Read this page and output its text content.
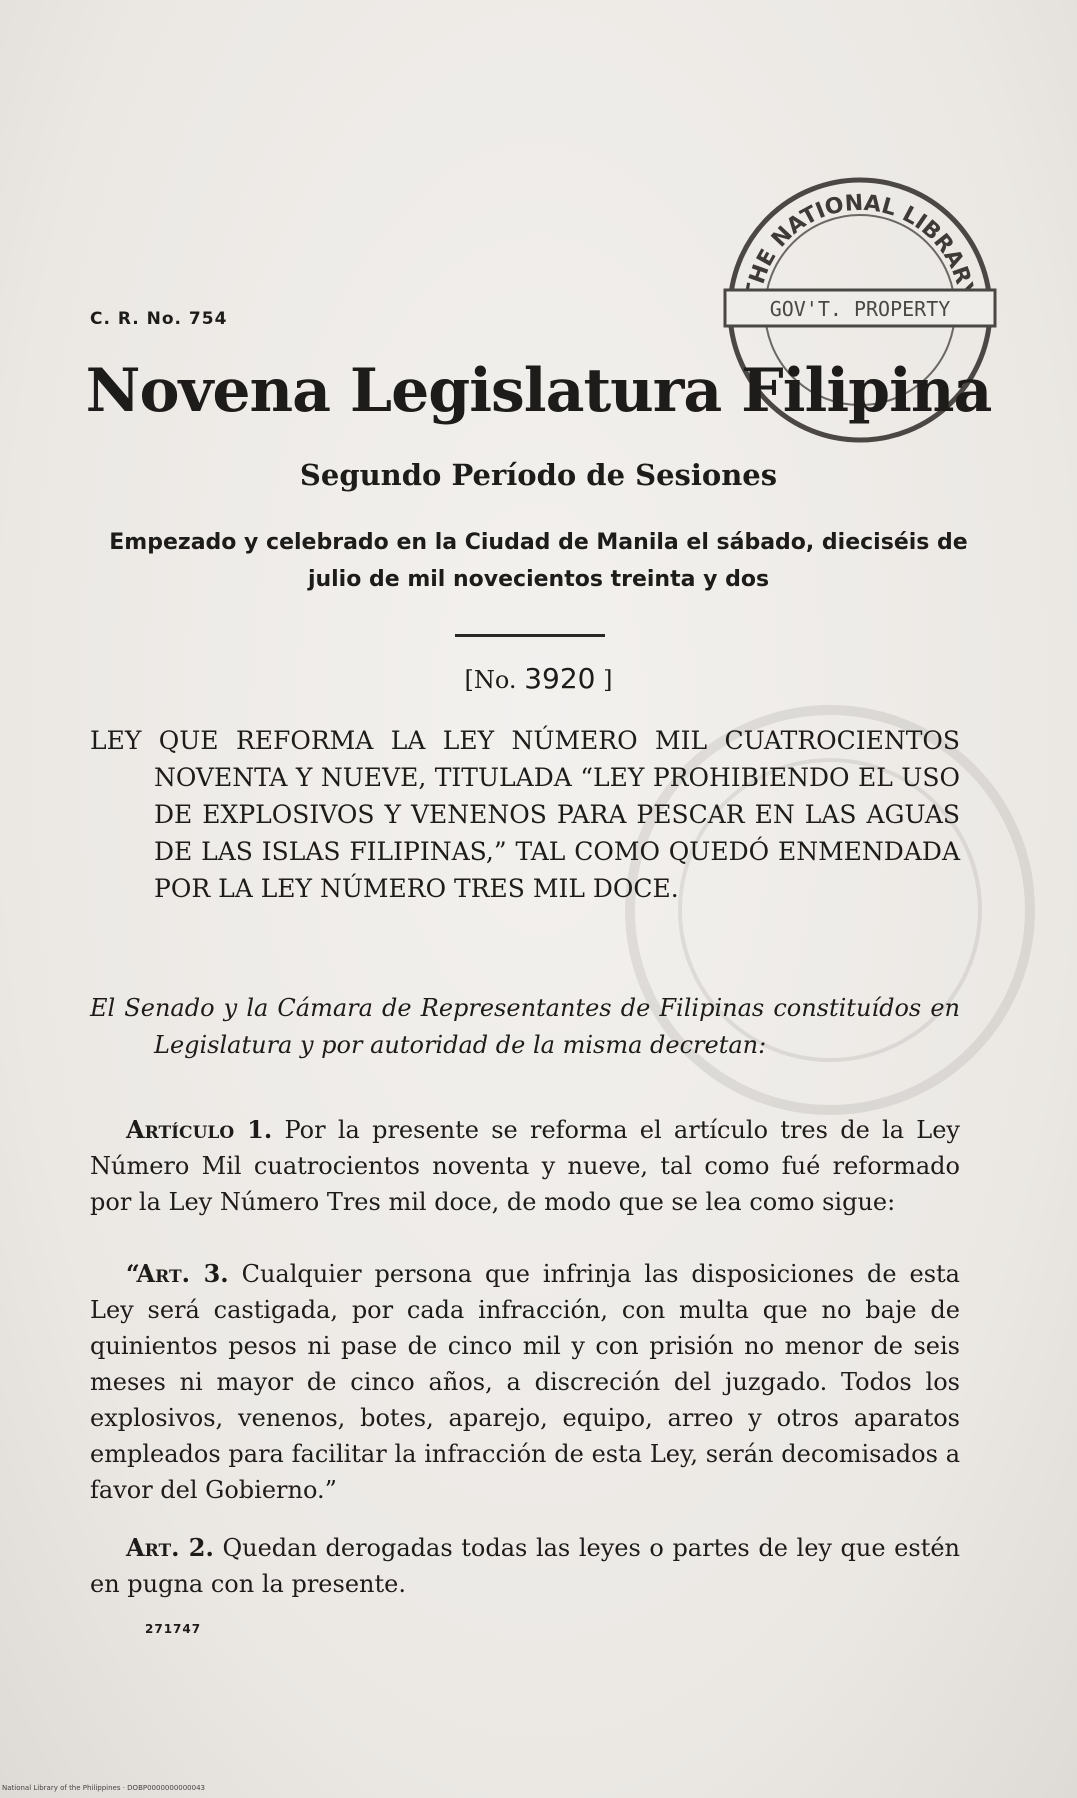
HE NATIONAL LIBRAR
GOV'T. PROPERTY
C. R. No. 754
Novena Legislatura Filipina
Segundo Período de Sesiones
Empezado y celebrado en la Ciudad de Manila el sábado, dieciséis de julio de mil novecientos treinta y dos
[No. 3920 ]
LEY QUE REFORMA LA LEY NÚMERO MIL CUATROCIENTOS NOVENTA Y NUEVE, TITULADA “LEY PROHIBIENDO EL USO DE EXPLOSIVOS Y VENENOS PARA PESCAR EN LAS AGUAS DE LAS ISLAS FILIPINAS,” TAL COMO QUEDÓ ENMENDADA POR LA LEY NÚMERO TRES MIL DOCE.
El Senado y la Cámara de Representantes de Filipinas constituídos en Legislatura y por autoridad de la misma decretan:
Artículo 1. Por la presente se reforma el artículo tres de la Ley Número Mil cuatrocientos noventa y nueve, tal como fué reformado por la Ley Número Tres mil doce, de modo que se lea como sigue:
“Art. 3. Cualquier persona que infrinja las disposiciones de esta Ley será castigada, por cada infracción, con multa que no baje de quinientos pesos ni pase de cinco mil y con prisión no menor de seis meses ni mayor de cinco años, a discreción del juzgado. Todos los explosivos, venenos, botes, aparejo, equipo, arreo y otros aparatos empleados para facilitar la infracción de esta Ley, serán decomisados a favor del Gobierno.”
Art. 2. Quedan derogadas todas las leyes o partes de ley que estén en pugna con la presente.
271747
National Library of the Philippines · DOBP0000000000043
